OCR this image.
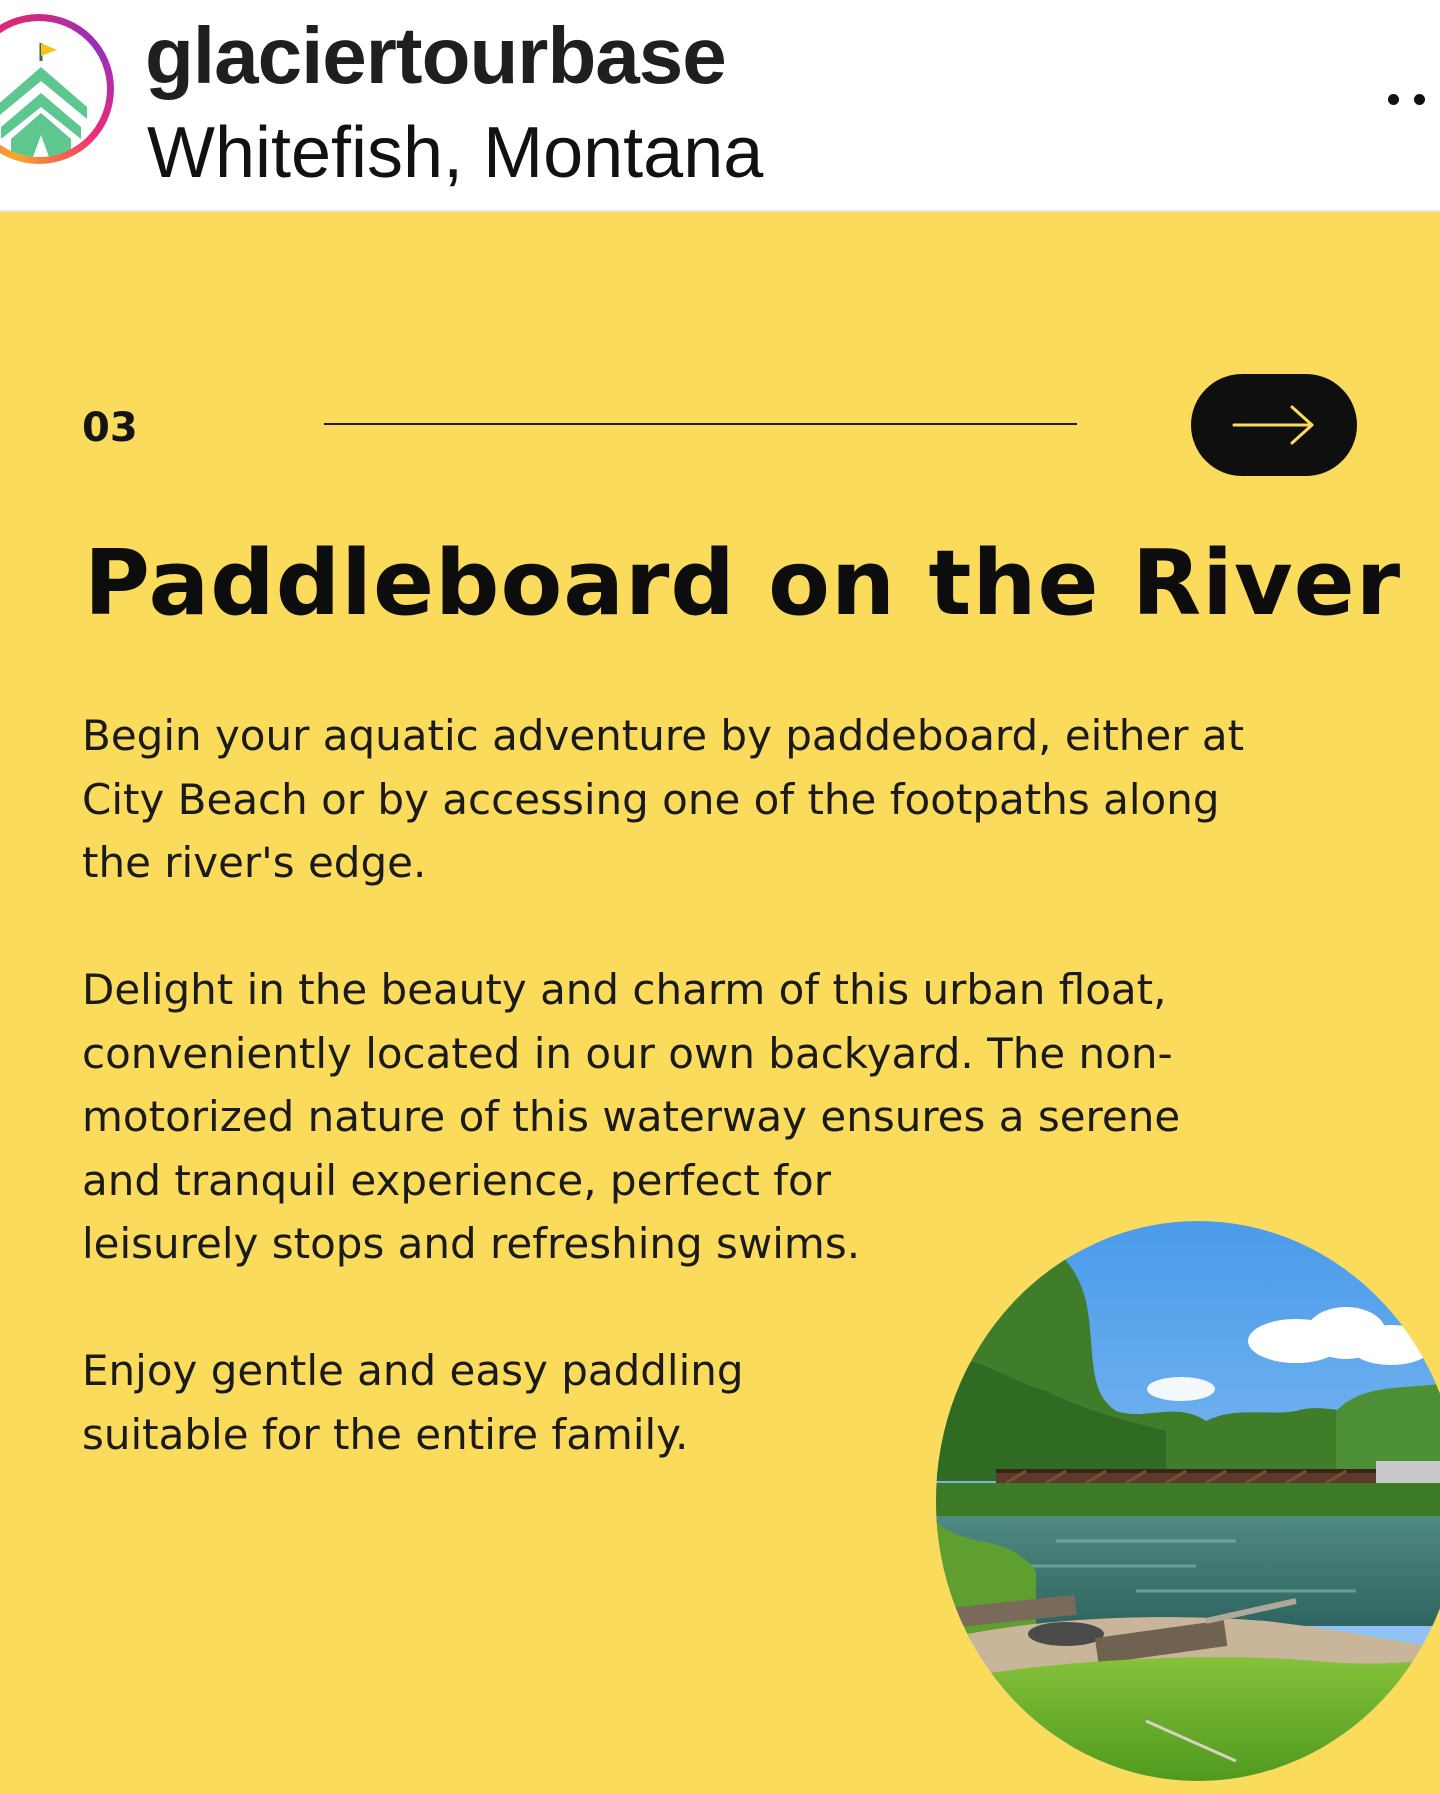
glaciertourbase
Whitefish, Montana
03
Paddleboard on the River

Begin your aquatic adventure by paddeboard, either at
City Beach or by accessing one of the footpaths along
the river's edge.

Delight in the beauty and charm of this urban float,
conveniently located in our own backyard. The non-
motorized nature of this waterway ensures a serene
and tranquil experience, perfect for
leisurely stops and refreshing swims.

Enjoy gentle and easy paddling
suitable for the entire family.
